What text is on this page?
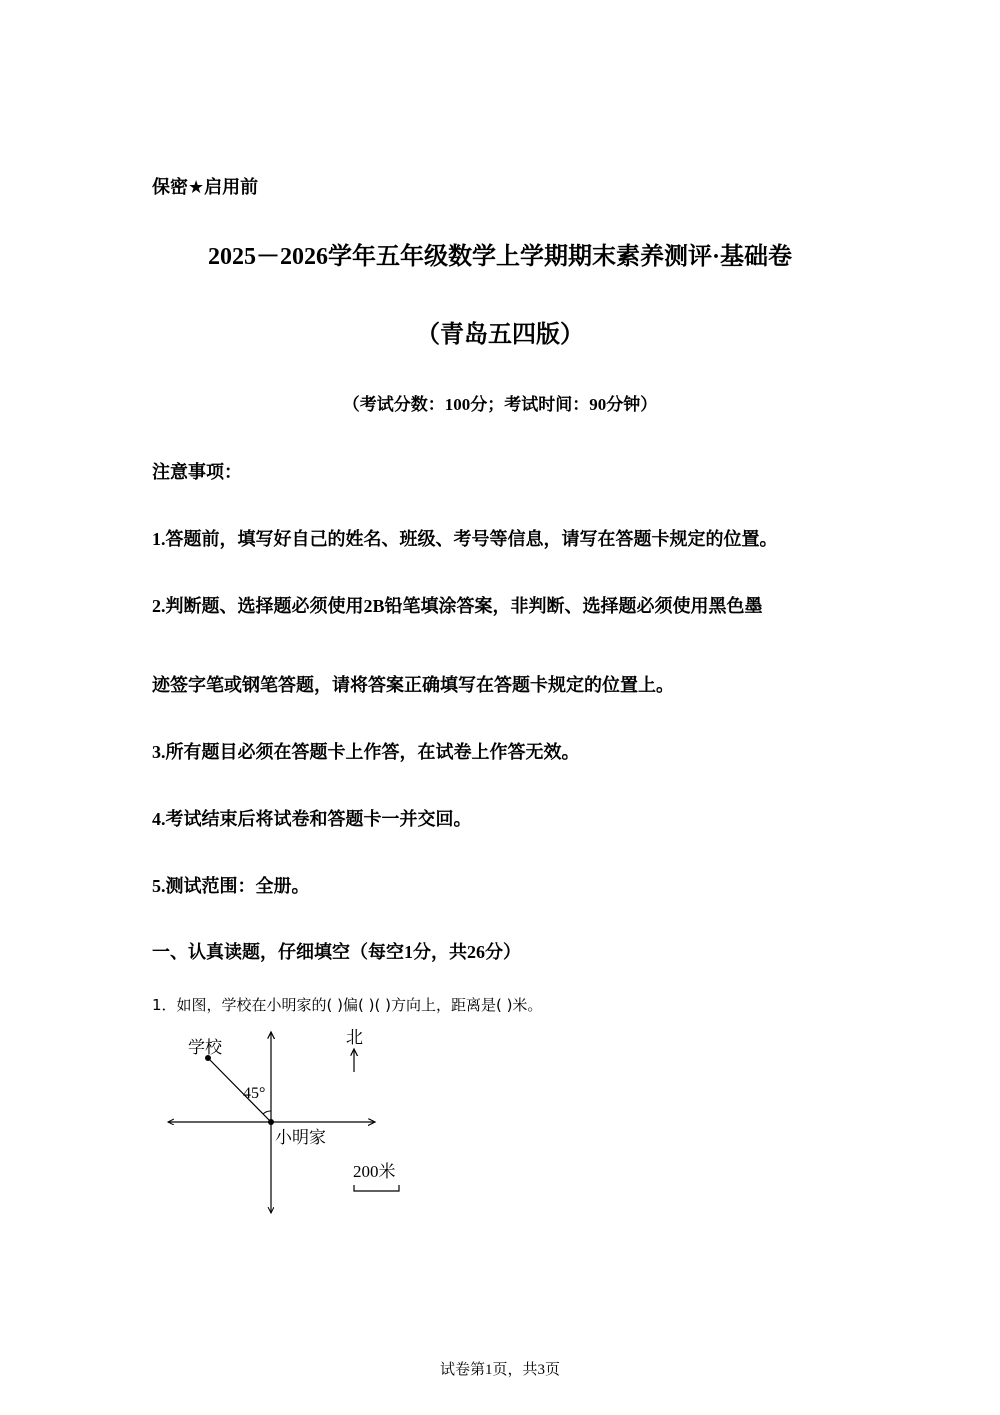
保密★启用前
2025－2026学年五年级数学上学期期末素养测评·基础卷
（青岛五四版）
（考试分数：100分；考试时间：90分钟）
注意事项：
1.答题前，填写好自己的姓名、班级、考号等信息，请写在答题卡规定的位置。
2.判断题、选择题必须使用2B铅笔填涂答案，非判断、选择题必须使用黑色墨
迹签字笔或钢笔答题，请将答案正确填写在答题卡规定的位置上。
3.所有题目必须在答题卡上作答，在试卷上作答无效。
4.考试结束后将试卷和答题卡一并交回。
5.测试范围：全册。
一、认真读题，仔细填空（每空1分，共26分）
1．如图，学校在小明家的( )偏( )( )方向上，距离是( )米。
学校
45°
小明家
北
200米
试卷第1页，共3页
